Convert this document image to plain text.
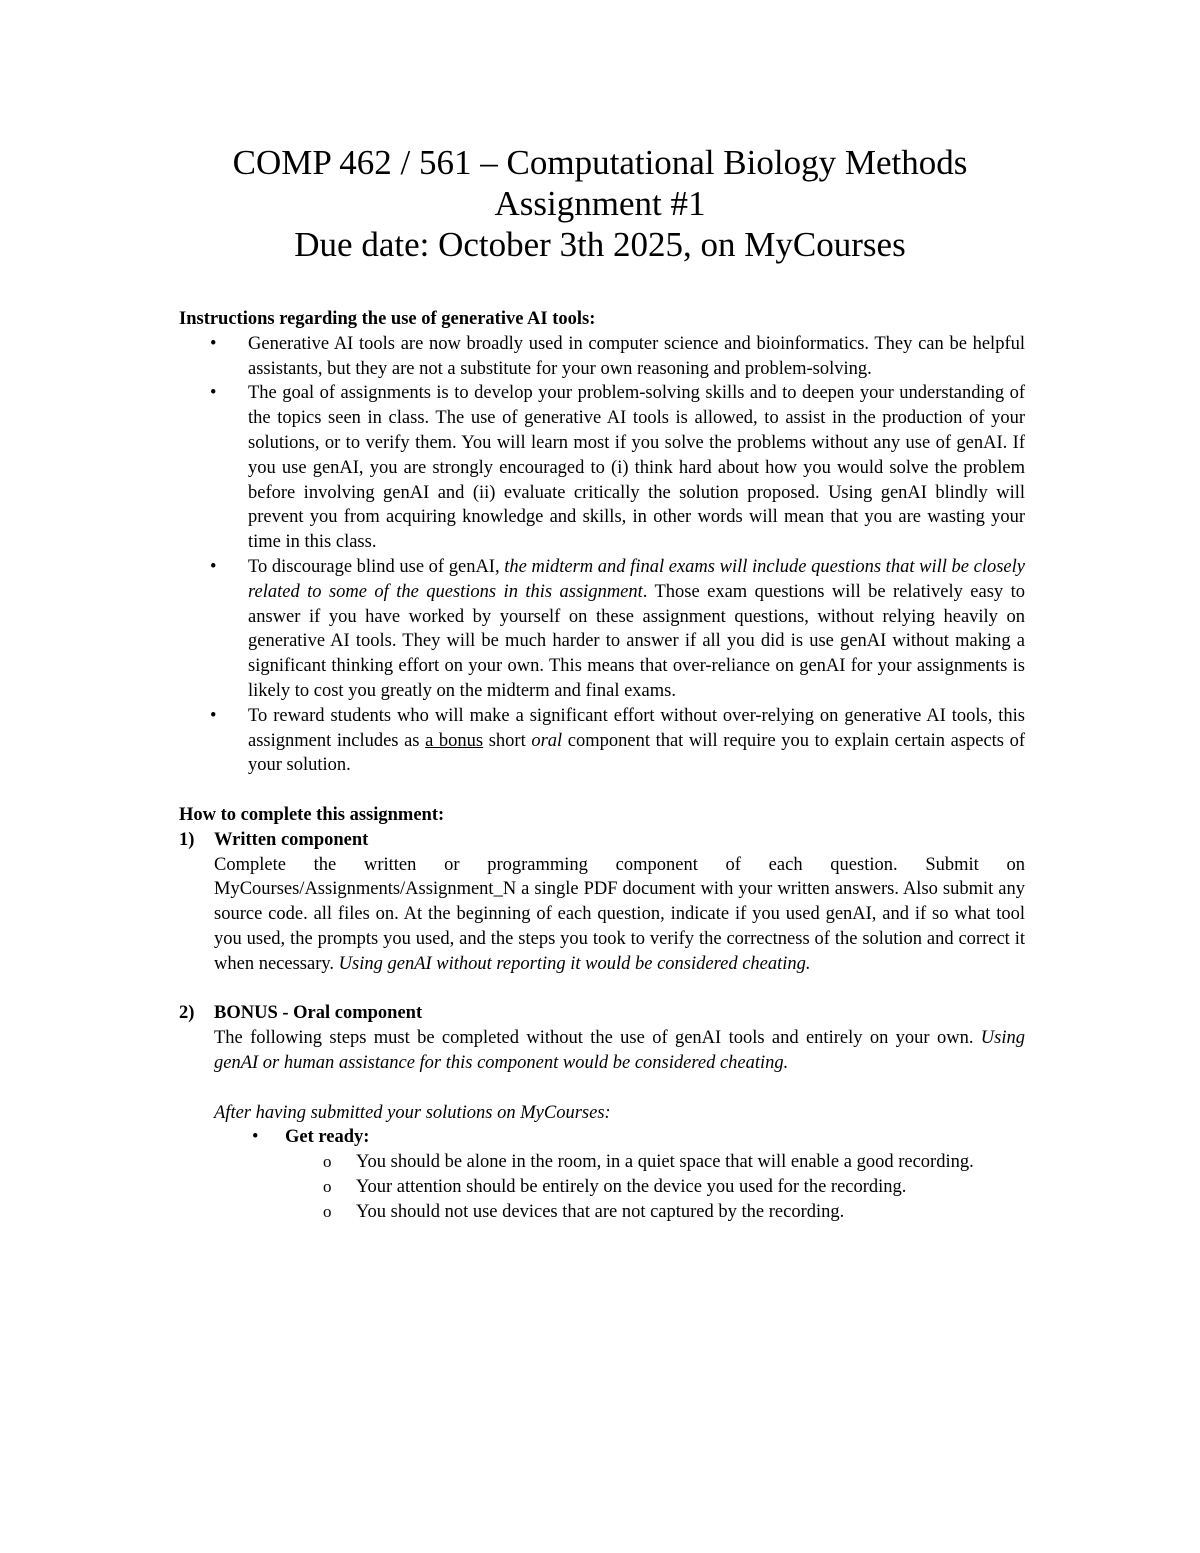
COMP 462 / 561 – Computational Biology Methods
Assignment #1
Due date: October 3th 2025, on MyCourses
Instructions regarding the use of generative AI tools:
• Generative AI tools are now broadly used in computer science and bioinformatics. They can be helpful assistants, but they are not a substitute for your own reasoning and problem-solving.
• The goal of assignments is to develop your problem-solving skills and to deepen your understanding of the topics seen in class. The use of generative AI tools is allowed, to assist in the production of your solutions, or to verify them. You will learn most if you solve the problems without any use of genAI. If you use genAI, you are strongly encouraged to (i) think hard about how you would solve the problem before involving genAI and (ii) evaluate critically the solution proposed. Using genAI blindly will prevent you from acquiring knowledge and skills, in other words will mean that you are wasting your time in this class.
• To discourage blind use of genAI, the midterm and final exams will include questions that will be closely related to some of the questions in this assignment. Those exam questions will be relatively easy to answer if you have worked by yourself on these assignment questions, without relying heavily on generative AI tools. They will be much harder to answer if all you did is use genAI without making a significant thinking effort on your own. This means that over-reliance on genAI for your assignments is likely to cost you greatly on the midterm and final exams.
• To reward students who will make a significant effort without over-relying on generative AI tools, this assignment includes as a bonus short oral component that will require you to explain certain aspects of your solution.
How to complete this assignment:
1) Written component
Complete the written or programming component of each question. Submit on MyCourses/Assignments/Assignment_N a single PDF document with your written answers. Also submit any source code. all files on. At the beginning of each question, indicate if you used genAI, and if so what tool you used, the prompts you used, and the steps you took to verify the correctness of the solution and correct it when necessary. Using genAI without reporting it would be considered cheating.
2) BONUS - Oral component
The following steps must be completed without the use of genAI tools and entirely on your own. Using genAI or human assistance for this component would be considered cheating.
After having submitted your solutions on MyCourses:
• Get ready:
o You should be alone in the room, in a quiet space that will enable a good recording.
o Your attention should be entirely on the device you used for the recording.
o You should not use devices that are not captured by the recording.
